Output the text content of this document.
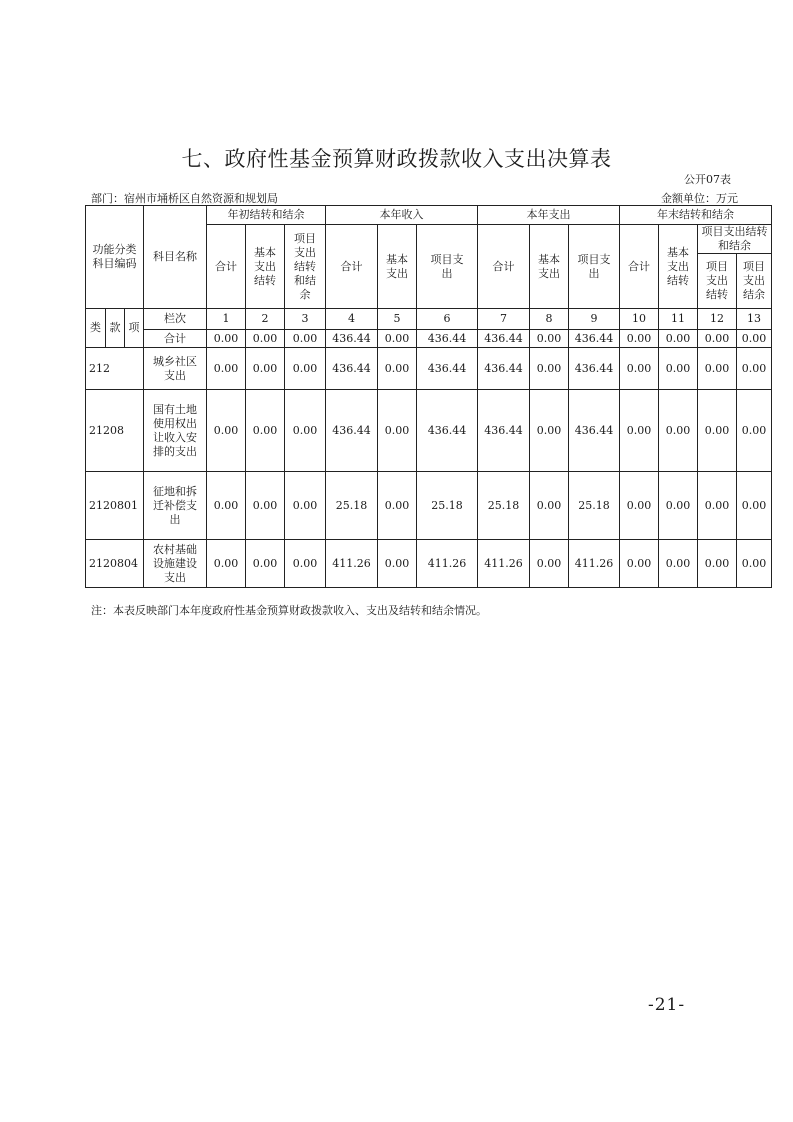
七、政府性基金预算财政拨款收入支出决算表
公开07表
部门：宿州市埇桥区自然资源和规划局	金额单位：万元
功能分类科目编码			科目名称	年初结转和结余			本年收入			本年支出			年末结转和结余			
				合计	基本支出结转	项目支出结转和结余	合计	基本支出	项目支出	合计	基本支出	项目支出	合计	基本支出结转	项目支出结转和结余	
															项目支出结转	项目支出结余
类	款	项	栏次	1	2	3	4	5	6	7	8	9	10	11	12	13
			合计	0.00	0.00	0.00	436.44	0.00	436.44	436.44	0.00	436.44	0.00	0.00	0.00	0.00
212			城乡社区支出	0.00	0.00	0.00	436.44	0.00	436.44	436.44	0.00	436.44	0.00	0.00	0.00	0.00
21208			国有土地使用权出让收入安排的支出	0.00	0.00	0.00	436.44	0.00	436.44	436.44	0.00	436.44	0.00	0.00	0.00	0.00
2120801			征地和拆迁补偿支出	0.00	0.00	0.00	25.18	0.00	25.18	25.18	0.00	25.18	0.00	0.00	0.00	0.00
2120804			农村基础设施建设支出	0.00	0.00	0.00	411.26	0.00	411.26	411.26	0.00	411.26	0.00	0.00	0.00	0.00
注：本表反映部门本年度政府性基金预算财政拨款收入、支出及结转和结余情况。
-21-
